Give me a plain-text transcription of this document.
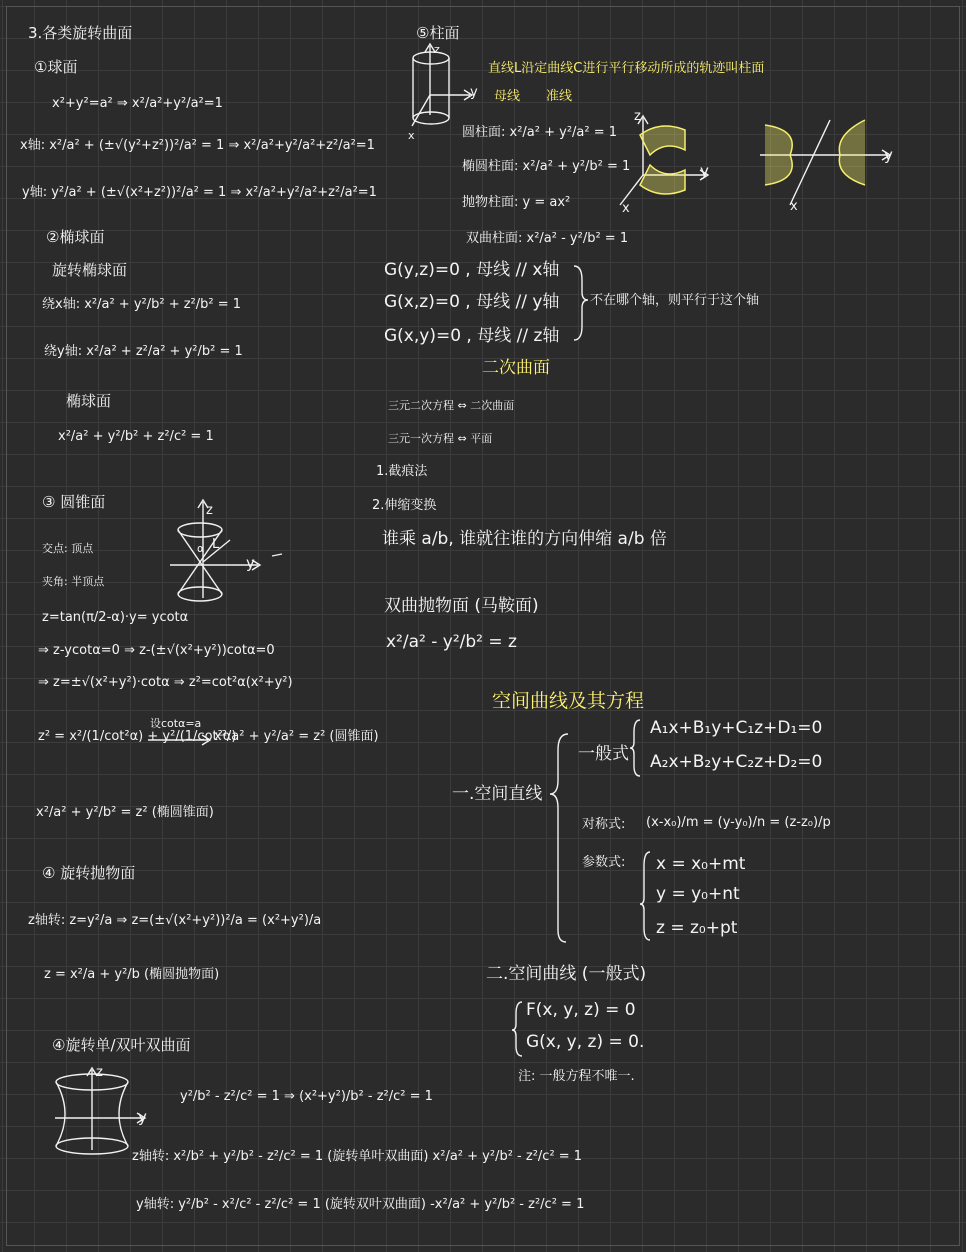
3.各类旋转曲面
①球面
x²+y²=a² ⇒ x²/a²+y²/a²=1
x轴: x²/a² + (±√(y²+z²))²/a² = 1 ⇒ x²/a²+y²/a²+z²/a²=1
y轴: y²/a² + (±√(x²+z²))²/a² = 1 ⇒ x²/a²+y²/a²+z²/a²=1
②椭球面
旋转椭球面
绕x轴: x²/a² + y²/b² + z²/b² = 1
绕y轴: x²/a² + z²/a² + y²/b² = 1
椭球面
x²/a² + y²/b² + z²/c² = 1
③ 圆锥面
交点: 顶点
夹角: 半顶点
z
y
L
α
z=tan(π/2-α)·y= ycotα
⇒ z-ycotα=0 ⇒ z-(±√(x²+y²))cotα=0
⇒ z=±√(x²+y²)·cotα ⇒ z²=cot²α(x²+y²)
z² = x²/(1/cot²α) + y²/(1/cot²α)
设cotα=a
x²/a² + y²/a² = z² (圆锥面)
x²/a² + y²/b² = z² (椭圆锥面)
④ 旋转抛物面
z轴转: z=y²/a ⇒ z=(±√(x²+y²))²/a = (x²+y²)/a
z = x²/a + y²/b (椭圆抛物面)
④旋转单/双叶双曲面
z
y
y²/b² - z²/c² = 1 ⇒ (x²+y²)/b² - z²/c² = 1
z轴转: x²/b² + y²/b² - z²/c² = 1 (旋转单叶双曲面) x²/a² + y²/b² - z²/c² = 1
y轴转: y²/b² - x²/c² - z²/c² = 1 (旋转双叶双曲面) -x²/a² + y²/b² - z²/c² = 1
⑤柱面
z
y
x
直线L沿定曲线C进行平行移动所成的轨迹叫柱面
母线 准线
圆柱面: x²/a² + y²/a² = 1
椭圆柱面: x²/a² + y²/b² = 1
抛物柱面: y = ax²
双曲柱面: x²/a² - y²/b² = 1
z
y
x
y
x
G(y,z)=0 , 母线 // x轴
G(x,z)=0 , 母线 // y轴
G(x,y)=0 , 母线 // z轴
不在哪个轴，则平行于这个轴
二次曲面
三元二次方程 ⇔ 二次曲面
三元一次方程 ⇔ 平面
1.截痕法
2.伸缩变换
谁乘 a/b, 谁就往谁的方向伸缩 a/b 倍
双曲抛物面 (马鞍面)
x²/a² - y²/b² = z
空间曲线及其方程
一.空间直线
一般式
A₁x+B₁y+C₁z+D₁=0
A₂x+B₂y+C₂z+D₂=0
对称式: (x-x₀)/m = (y-y₀)/n = (z-z₀)/p
参数式: x = x₀+mt
y = y₀+nt
z = z₀+pt
二.空间曲线 (一般式)
F(x, y, z) = 0
G(x, y, z) = 0.
注: 一般方程不唯一.
